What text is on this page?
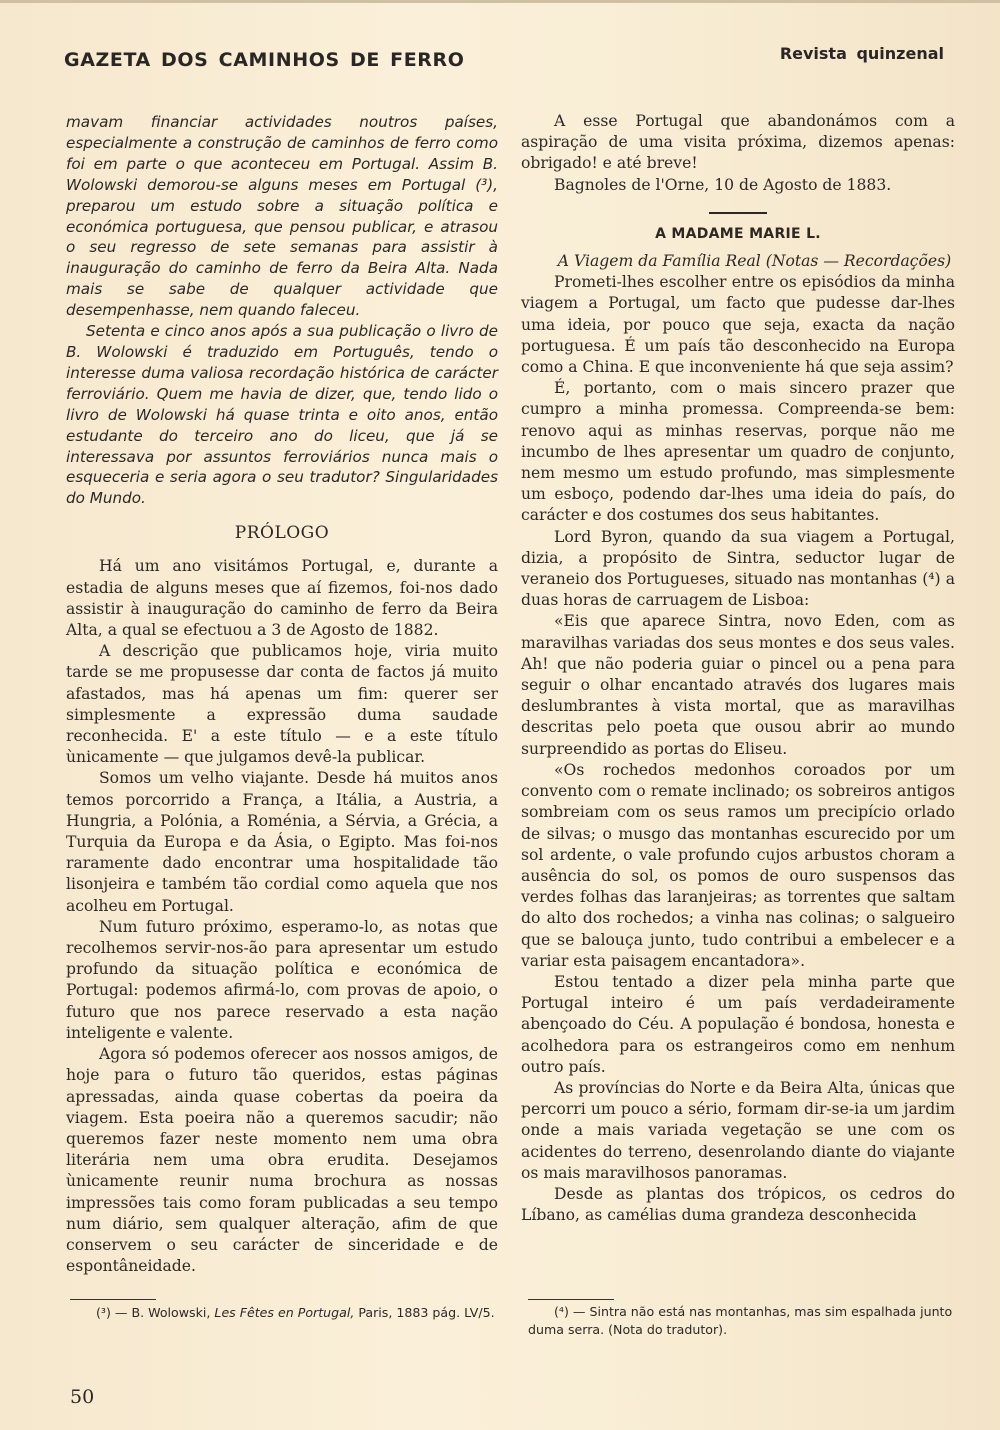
GAZETA DOS CAMINHOS DE FERRO	Revista quinzenal

mavam financiar actividades noutros países, especialmente a construção de caminhos de ferro como foi em parte o que aconteceu em Portugal. Assim B. Wolowski demorou-se alguns meses em Portugal (³), preparou um estudo sobre a situação política e económica portuguesa, que pensou publicar, e atrasou o seu regresso de sete semanas para assistir à inauguração do caminho de ferro da Beira Alta. Nada mais se sabe de qualquer actividade que desempenhasse, nem quando faleceu.

Setenta e cinco anos após a sua publicação o livro de B. Wolowski é traduzido em Português, tendo o interesse duma valiosa recordação histórica de carácter ferroviário. Quem me havia de dizer, que, tendo lido o livro de Wolowski há quase trinta e oito anos, então estudante do terceiro ano do liceu, que já se interessava por assuntos ferroviários nunca mais o esqueceria e seria agora o seu tradutor? Singularidades do Mundo.

PRÓLOGO

Há um ano visitámos Portugal, e, durante a estadia de alguns meses que aí fizemos, foi-nos dado assistir à inauguração do caminho de ferro da Beira Alta, a qual se efectuou a 3 de Agosto de 1882.

A descrição que publicamos hoje, viria muito tarde se me propusesse dar conta de factos já muito afastados, mas há apenas um fim: querer ser simplesmente a expressão duma saudade reconhecida. E' a este título — e a este título ùnicamente — que julgamos devê-la publicar.

Somos um velho viajante. Desde há muitos anos temos porcorrido a França, a Itália, a Austria, a Hungria, a Polónia, a Roménia, a Sérvia, a Grécia, a Turquia da Europa e da Ásia, o Egipto. Mas foi-nos raramente dado encontrar uma hospitalidade tão lisonjeira e também tão cordial como aquela que nos acolheu em Portugal.

Num futuro próximo, esperamo-lo, as notas que recolhemos servir-nos-ão para apresentar um estudo profundo da situação política e económica de Portugal: podemos afirmá-lo, com provas de apoio, o futuro que nos parece reservado a esta nação inteligente e valente.

Agora só podemos oferecer aos nossos amigos, de hoje para o futuro tão queridos, estas páginas apressadas, ainda quase cobertas da poeira da viagem. Esta poeira não a queremos sacudir; não queremos fazer neste momento nem uma obra literária nem uma obra erudita. Desejamos ùnicamente reunir numa brochura as nossas impressões tais como foram publicadas a seu tempo num diário, sem qualquer alteração, afim de que conservem o seu carácter de sinceridade e de espontâneidade.

A esse Portugal que abandonámos com a aspiração de uma visita próxima, dizemos apenas: obrigado! e até breve!

Bagnoles de l'Orne, 10 de Agosto de 1883.

A MADAME MARIE L.

A Viagem da Família Real (Notas — Recordações)

Prometi-lhes escolher entre os episódios da minha viagem a Portugal, um facto que pudesse dar-lhes uma ideia, por pouco que seja, exacta da nação portuguesa. É um país tão desconhecido na Europa como a China. E que inconveniente há que seja assim?

É, portanto, com o mais sincero prazer que cumpro a minha promessa. Compreenda-se bem: renovo aqui as minhas reservas, porque não me incumbo de lhes apresentar um quadro de conjunto, nem mesmo um estudo profundo, mas simplesmente um esboço, podendo dar-lhes uma ideia do país, do carácter e dos costumes dos seus habitantes.

Lord Byron, quando da sua viagem a Portugal, dizia, a propósito de Sintra, seductor lugar de veraneio dos Portugueses, situado nas montanhas (⁴) a duas horas de carruagem de Lisboa:

«Eis que aparece Sintra, novo Eden, com as maravilhas variadas dos seus montes e dos seus vales. Ah! que não poderia guiar o pincel ou a pena para seguir o olhar encantado através dos lugares mais deslumbrantes à vista mortal, que as maravilhas descritas pelo poeta que ousou abrir ao mundo surpreendido as portas do Eliseu.

«Os rochedos medonhos coroados por um convento com o remate inclinado; os sobreiros antigos sombreiam com os seus ramos um precipício orlado de silvas; o musgo das montanhas escurecido por um sol ardente, o vale profundo cujos arbustos choram a ausência do sol, os pomos de ouro suspensos das verdes folhas das laranjeiras; as torrentes que saltam do alto dos rochedos; a vinha nas colinas; o salgueiro que se balouça junto, tudo contribui a embelecer e a variar esta paisagem encantadora».

Estou tentado a dizer pela minha parte que Portugal inteiro é um país verdadeiramente abençoado do Céu. A população é bondosa, honesta e acolhedora para os estrangeiros como em nenhum outro país.

As províncias do Norte e da Beira Alta, únicas que percorri um pouco a sério, formam dir-se-ia um jardim onde a mais variada vegetação se une com os acidentes do terreno, desenrolando diante do viajante os mais maravilhosos panoramas.

Desde as plantas dos trópicos, os cedros do Líbano, as camélias duma grandeza desconhecida

(³) — B. Wolowski, Les Fêtes en Portugal, Paris, 1883 pág. LV/5.	(⁴) — Sintra não está nas montanhas, mas sim espalhada junto duma serra. (Nota do tradutor).
50
